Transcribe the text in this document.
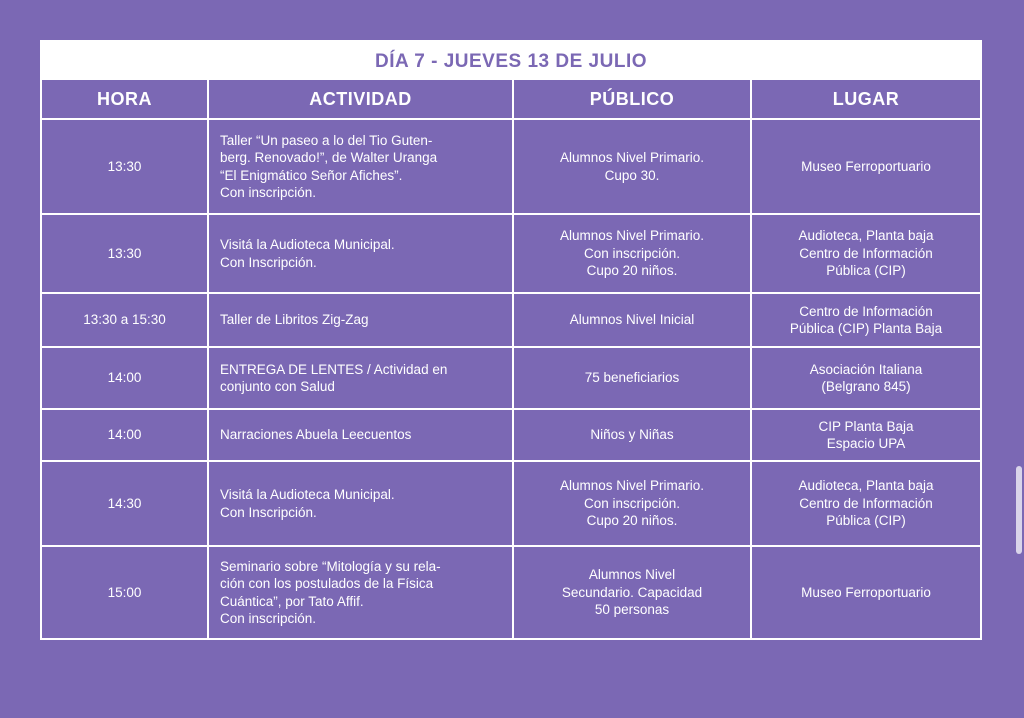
DÍA 7 - JUEVES 13 DE JULIO
HORA	ACTIVIDAD	PÚBLICO	LUGAR
13:30	Taller “Un paseo a lo del Tio Guten-
berg. Renovado!”, de Walter Uranga
“El Enigmático Señor Afiches”.
Con inscripción.	Alumnos Nivel Primario.
Cupo 30.	Museo Ferroportuario
13:30	Visitá la Audioteca Municipal.
Con Inscripción.	Alumnos Nivel Primario.
Con inscripción.
Cupo 20 niños.	Audioteca, Planta baja
Centro de Información
Pública (CIP)
13:30 a 15:30	Taller de Libritos Zig-Zag	Alumnos Nivel Inicial	Centro de Información
Pública (CIP) Planta Baja
14:00	ENTREGA DE LENTES / Actividad en
conjunto con Salud	75 beneficiarios	Asociación Italiana
(Belgrano 845)
14:00	Narraciones Abuela Leecuentos	Niños y Niñas	CIP Planta Baja
Espacio UPA
14:30	Visitá la Audioteca Municipal.
Con Inscripción.	Alumnos Nivel Primario.
Con inscripción.
Cupo 20 niños.	Audioteca, Planta baja
Centro de Información
Pública (CIP)
15:00	Seminario sobre “Mitología y su rela-
ción con los postulados de la Física
Cuántica”, por Tato Affif.
Con inscripción.	Alumnos Nivel
Secundario. Capacidad
50 personas	Museo Ferroportuario
